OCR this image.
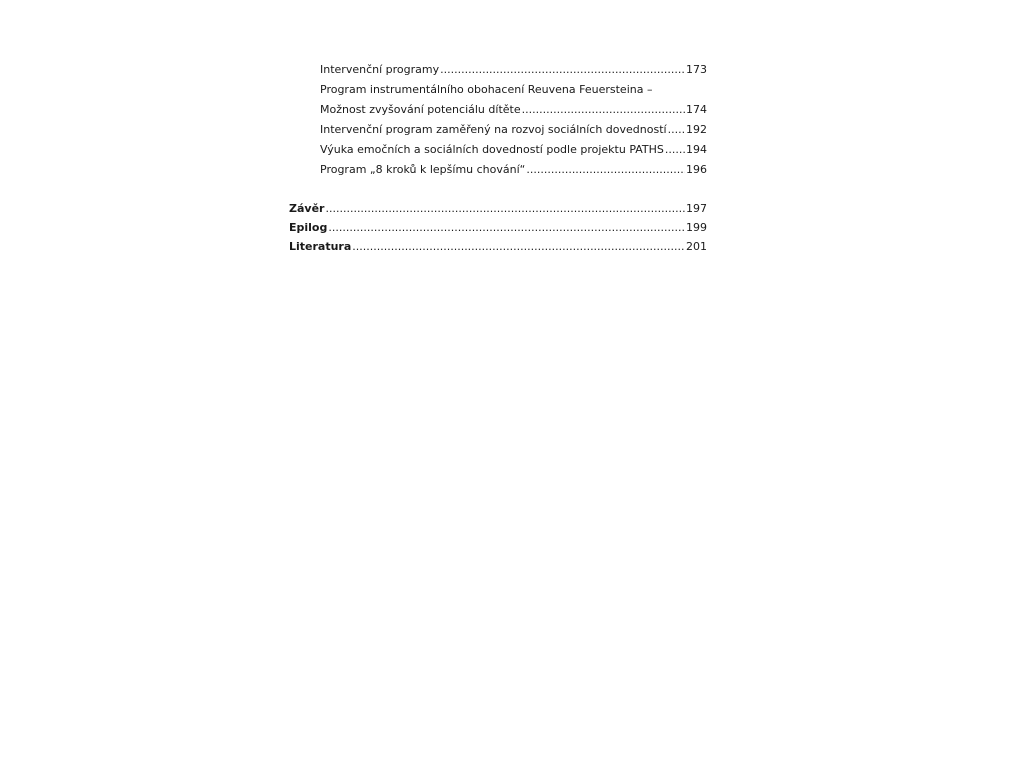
Intervenční programy .....	173
Program instrumentálního obohacení Reuvena Feuersteina –
Možnost zvyšování potenciálu dítěte .....	174
Intervenční program zaměřený na rozvoj sociálních dovedností ..... 192
Výuka emočních a sociálních dovedností podle projektu PATHS ..... 194
Program „8 kroků k lepšímu chování“ .....	196
Závěr .....	197
Epilog .....	199
Literatura .....	201
